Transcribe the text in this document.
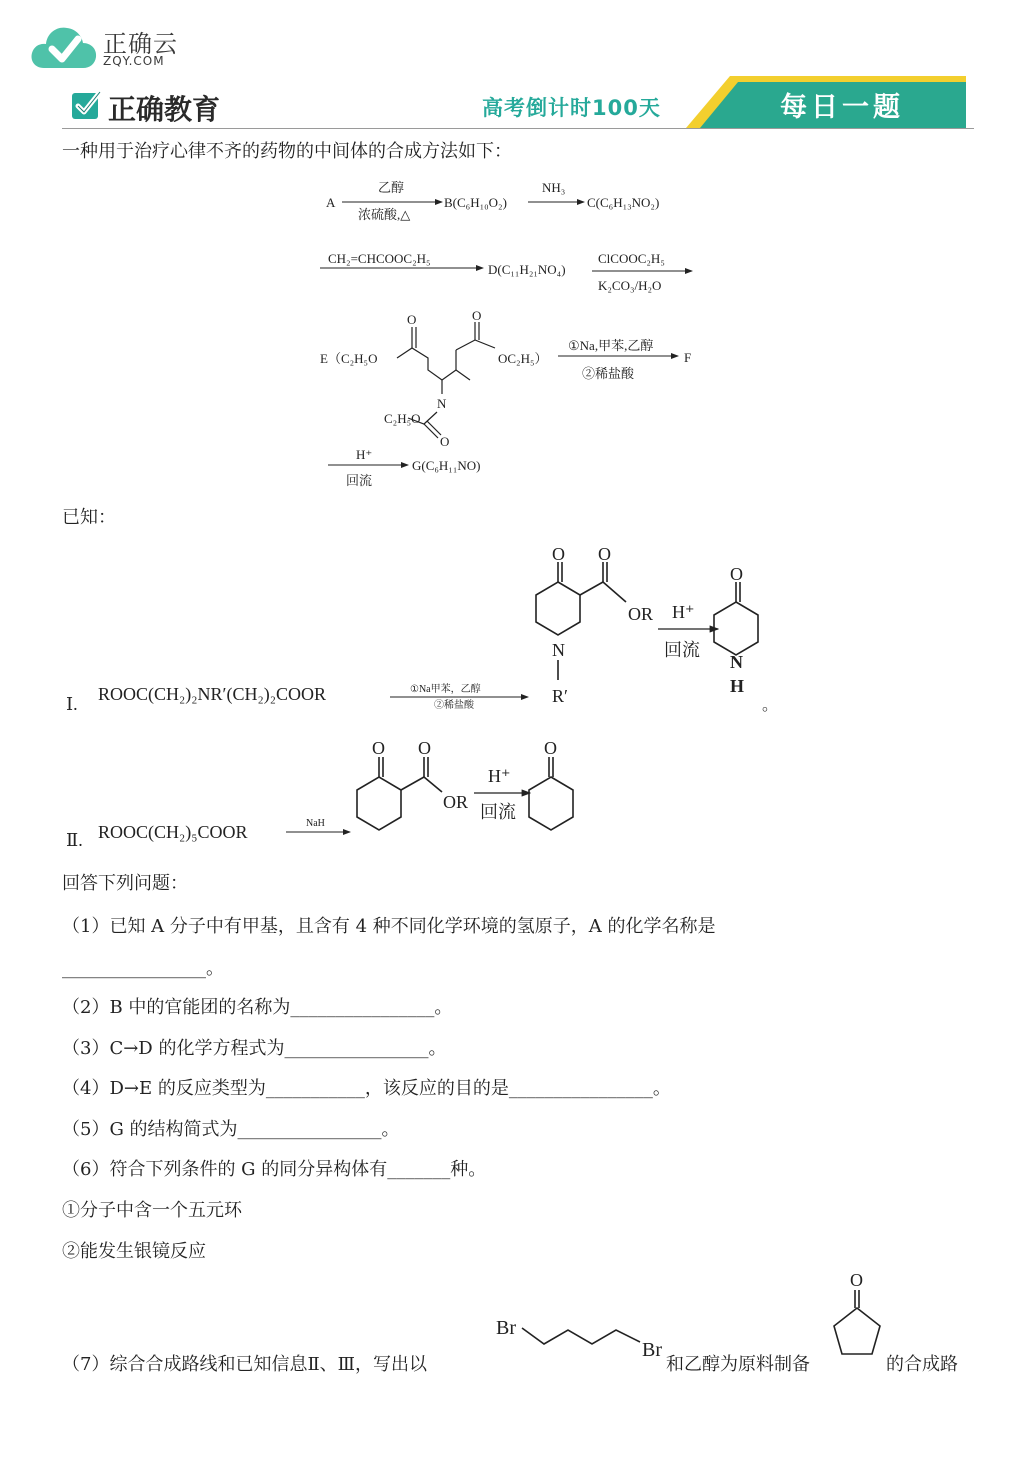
正确云
ZQY.COM
正确教育	高考倒计时100天	每日一题
一种用于治疗心律不齐的药物的中间体的合成方法如下：
A
乙醇
浓硫酸,△
B(C₆H₁₀O₂)
NH₃
C(C₆H₁₃NO₂)
CH₂=CHCOOC₂H₅
D(C₁₁H₂₁NO₄)
ClCOOC₂H₅
K₂CO₃/H₂O
E（C₂H₅O
O	O
OC₂H₅）
N
O
C₂H₅O
①Na,甲苯,乙醇
②稀盐酸
F
H⁺
回流
G(C₆H₁₁NO)
已知：
Ⅰ. ROOC(CH₂)₂NR′(CH₂)₂COOR	①Na甲苯，乙醇
②稀盐酸
O O
OR
N
R′
H⁺
回流
O
N
H
。
Ⅱ. ROOC(CH₂)₅COOR	NaH
O O
OR
H⁺
回流
O
回答下列问题：
（1）已知 A 分子中有甲基，且含有 4 种不同化学环境的氢原子，A 的化学名称是
________________。
（2）B 中的官能团的名称为________________。
（3）C→D 的化学方程式为________________。
（4）D→E 的反应类型为___________，该反应的目的是________________。
（5）G 的结构简式为________________。
（6）符合下列条件的 G 的同分异构体有_______种。
①分子中含一个五元环
②能发生银镜反应
（7）综合合成路线和已知信息Ⅱ、Ⅲ，写出以
Br
Br
和乙醇为原料制备
O
的合成路
